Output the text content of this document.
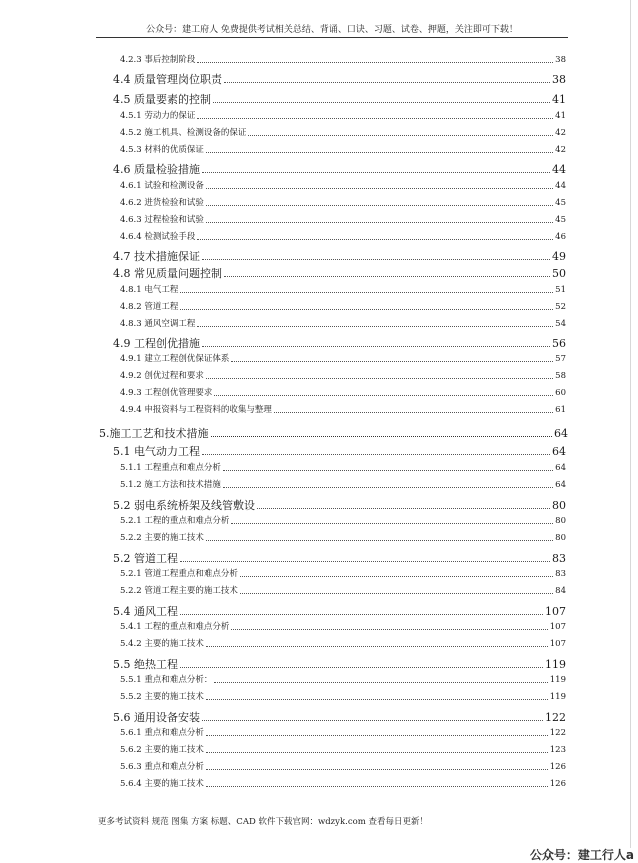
公众号：建工府人 免费提供考试相关总结、背诵、口诀、习题、试卷、押题，关注即可下载！
4.2.3 事后控制阶段	38
4.4 质量管理岗位职责	38
4.5 质量要素的控制	41
4.5.1 劳动力的保证	41
4.5.2 施工机具、检测设备的保证	42
4.5.3 材料的优质保证	42
4.6 质量检验措施	44
4.6.1 试验和检测设备	44
4.6.2 进货检验和试验	45
4.6.3 过程检验和试验	45
4.6.4 检测试验手段	46
4.7 技术措施保证	49
4.8 常见质量问题控制	50
4.8.1 电气工程	51
4.8.2 管道工程	52
4.8.3 通风空调工程	54
4.9 工程创优措施	56
4.9.1 建立工程创优保证体系	57
4.9.2 创优过程和要求	58
4.9.3 工程创优管理要求	60
4.9.4 申报资料与工程资料的收集与整理	61
5.施工工艺和技术措施	64
5.1 电气动力工程	64
5.1.1 工程重点和难点分析	64
5.1.2 施工方法和技术措施	64
5.2 弱电系统桥架及线管敷设	80
5.2.1 工程的重点和难点分析	80
5.2.2 主要的施工技术	80
5.2 管道工程	83
5.2.1 管道工程重点和难点分析	83
5.2.2 管道工程主要的施工技术	84
5.4 通风工程	107
5.4.1 工程的重点和难点分析	107
5.4.2 主要的施工技术	107
5.5 绝热工程	119
5.5.1 重点和难点分析：	119
5.5.2 主要的施工技术	119
5.6 通用设备安装	122
5.6.1 重点和难点分析	122
5.6.2 主要的施工技术	123
5.6.3 重点和难点分析	126
5.6.4 主要的施工技术	126
更多考试资料 规范 图集 方案 标题、CAD 软件下载官网：wdzyk.com 查看每日更新！
公众号：建工行人a
